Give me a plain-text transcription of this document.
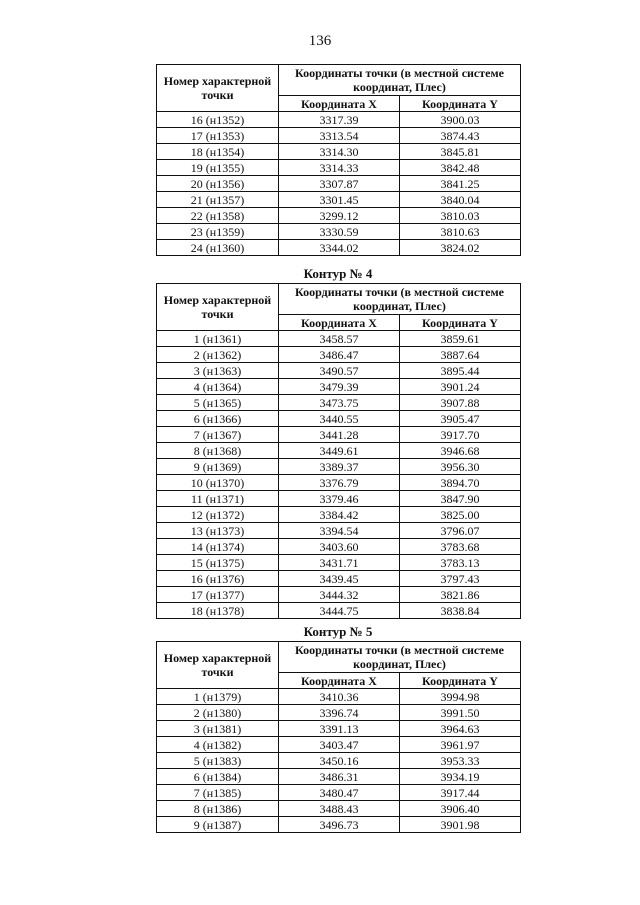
136
Номер характерной точки	Координаты точки (в местной системе координат, Плес)	
	Координата X	Координата Y
16 (н1352)	3317.39	3900.03
17 (н1353)	3313.54	3874.43
18 (н1354)	3314.30	3845.81
19 (н1355)	3314.33	3842.48
20 (н1356)	3307.87	3841.25
21 (н1357)	3301.45	3840.04
22 (н1358)	3299.12	3810.03
23 (н1359)	3330.59	3810.63
24 (н1360)	3344.02	3824.02
Контур № 4
Номер характерной точки	Координаты точки (в местной системе координат, Плес)	
	Координата X	Координата Y
1 (н1361)	3458.57	3859.61
2 (н1362)	3486.47	3887.64
3 (н1363)	3490.57	3895.44
4 (н1364)	3479.39	3901.24
5 (н1365)	3473.75	3907.88
6 (н1366)	3440.55	3905.47
7 (н1367)	3441.28	3917.70
8 (н1368)	3449.61	3946.68
9 (н1369)	3389.37	3956.30
10 (н1370)	3376.79	3894.70
11 (н1371)	3379.46	3847.90
12 (н1372)	3384.42	3825.00
13 (н1373)	3394.54	3796.07
14 (н1374)	3403.60	3783.68
15 (н1375)	3431.71	3783.13
16 (н1376)	3439.45	3797.43
17 (н1377)	3444.32	3821.86
18 (н1378)	3444.75	3838.84
Контур № 5
Номер характерной точки	Координаты точки (в местной системе координат, Плес)	
	Координата X	Координата Y
1 (н1379)	3410.36	3994.98
2 (н1380)	3396.74	3991.50
3 (н1381)	3391.13	3964.63
4 (н1382)	3403.47	3961.97
5 (н1383)	3450.16	3953.33
6 (н1384)	3486.31	3934.19
7 (н1385)	3480.47	3917.44
8 (н1386)	3488.43	3906.40
9 (н1387)	3496.73	3901.98
